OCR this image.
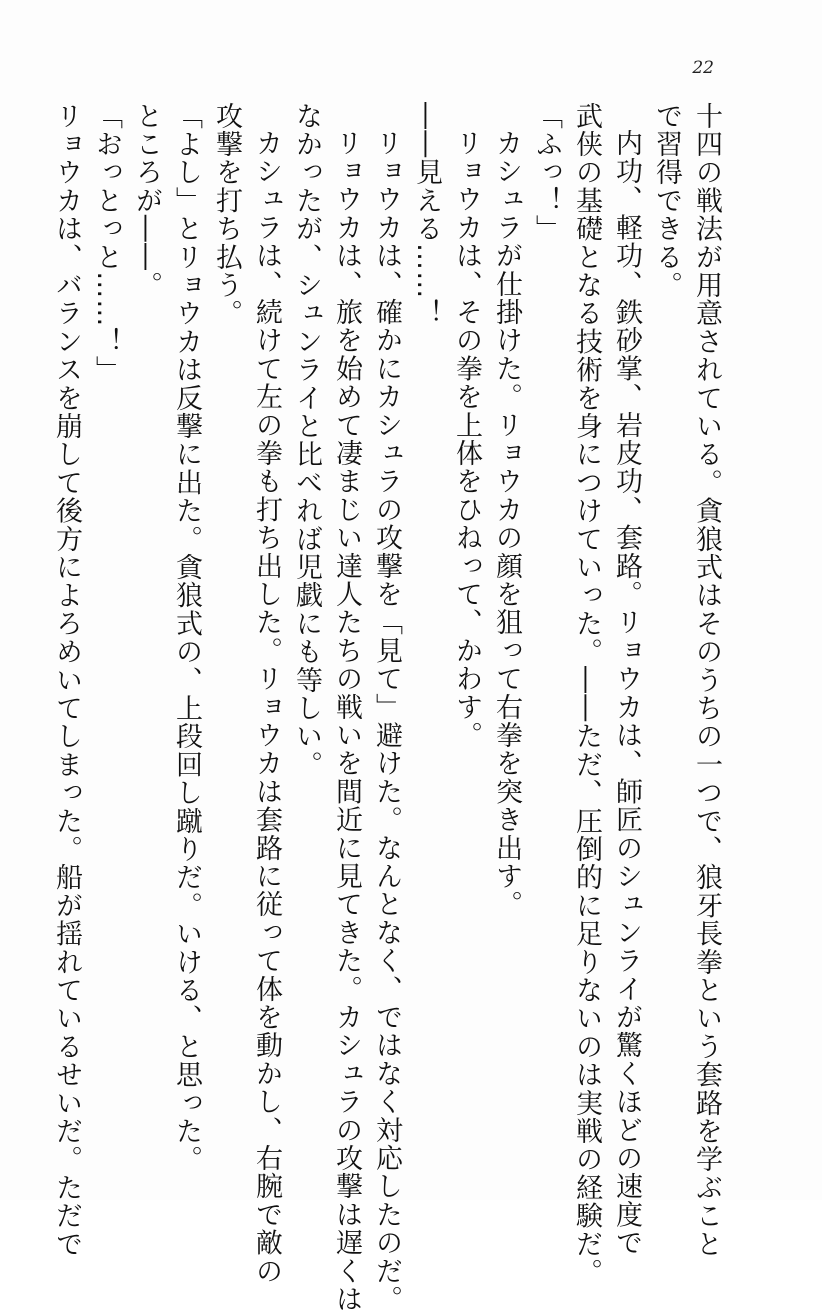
22
十四の戦法が用意されている。貪狼式はそのうちの一つで、狼牙長拳という套路を学ぶこと
で習得できる。
内功、軽功、鉄砂掌、岩皮功、套路。リョウカは、師匠のシュンライが驚くほどの速度で
武侠の基礎となる技術を身につけていった。――ただ、圧倒的に足りないのは実戦の経験だ。
「ふっ！」
カシュラが仕掛けた。リョウカの顔を狙って右拳を突き出す。
リョウカは、その拳を上体をひねって、かわす。
――見える……！
リョウカは、確かにカシュラの攻撃を「見て」避けた。なんとなく、ではなく対応したのだ。
リョウカは、旅を始めて凄まじい達人たちの戦いを間近に見てきた。カシュラの攻撃は遅くは
なかったが、シュンライと比べれば児戯にも等しい。
カシュラは、続けて左の拳も打ち出した。リョウカは套路に従って体を動かし、右腕で敵の
攻撃を打ち払う。
「よし」とリョウカは反撃に出た。貪狼式の、上段回し蹴りだ。いける、と思った。
ところが――。
「おっとっと……！」
リョウカは、バランスを崩して後方によろめいてしまった。船が揺れているせいだ。ただで
